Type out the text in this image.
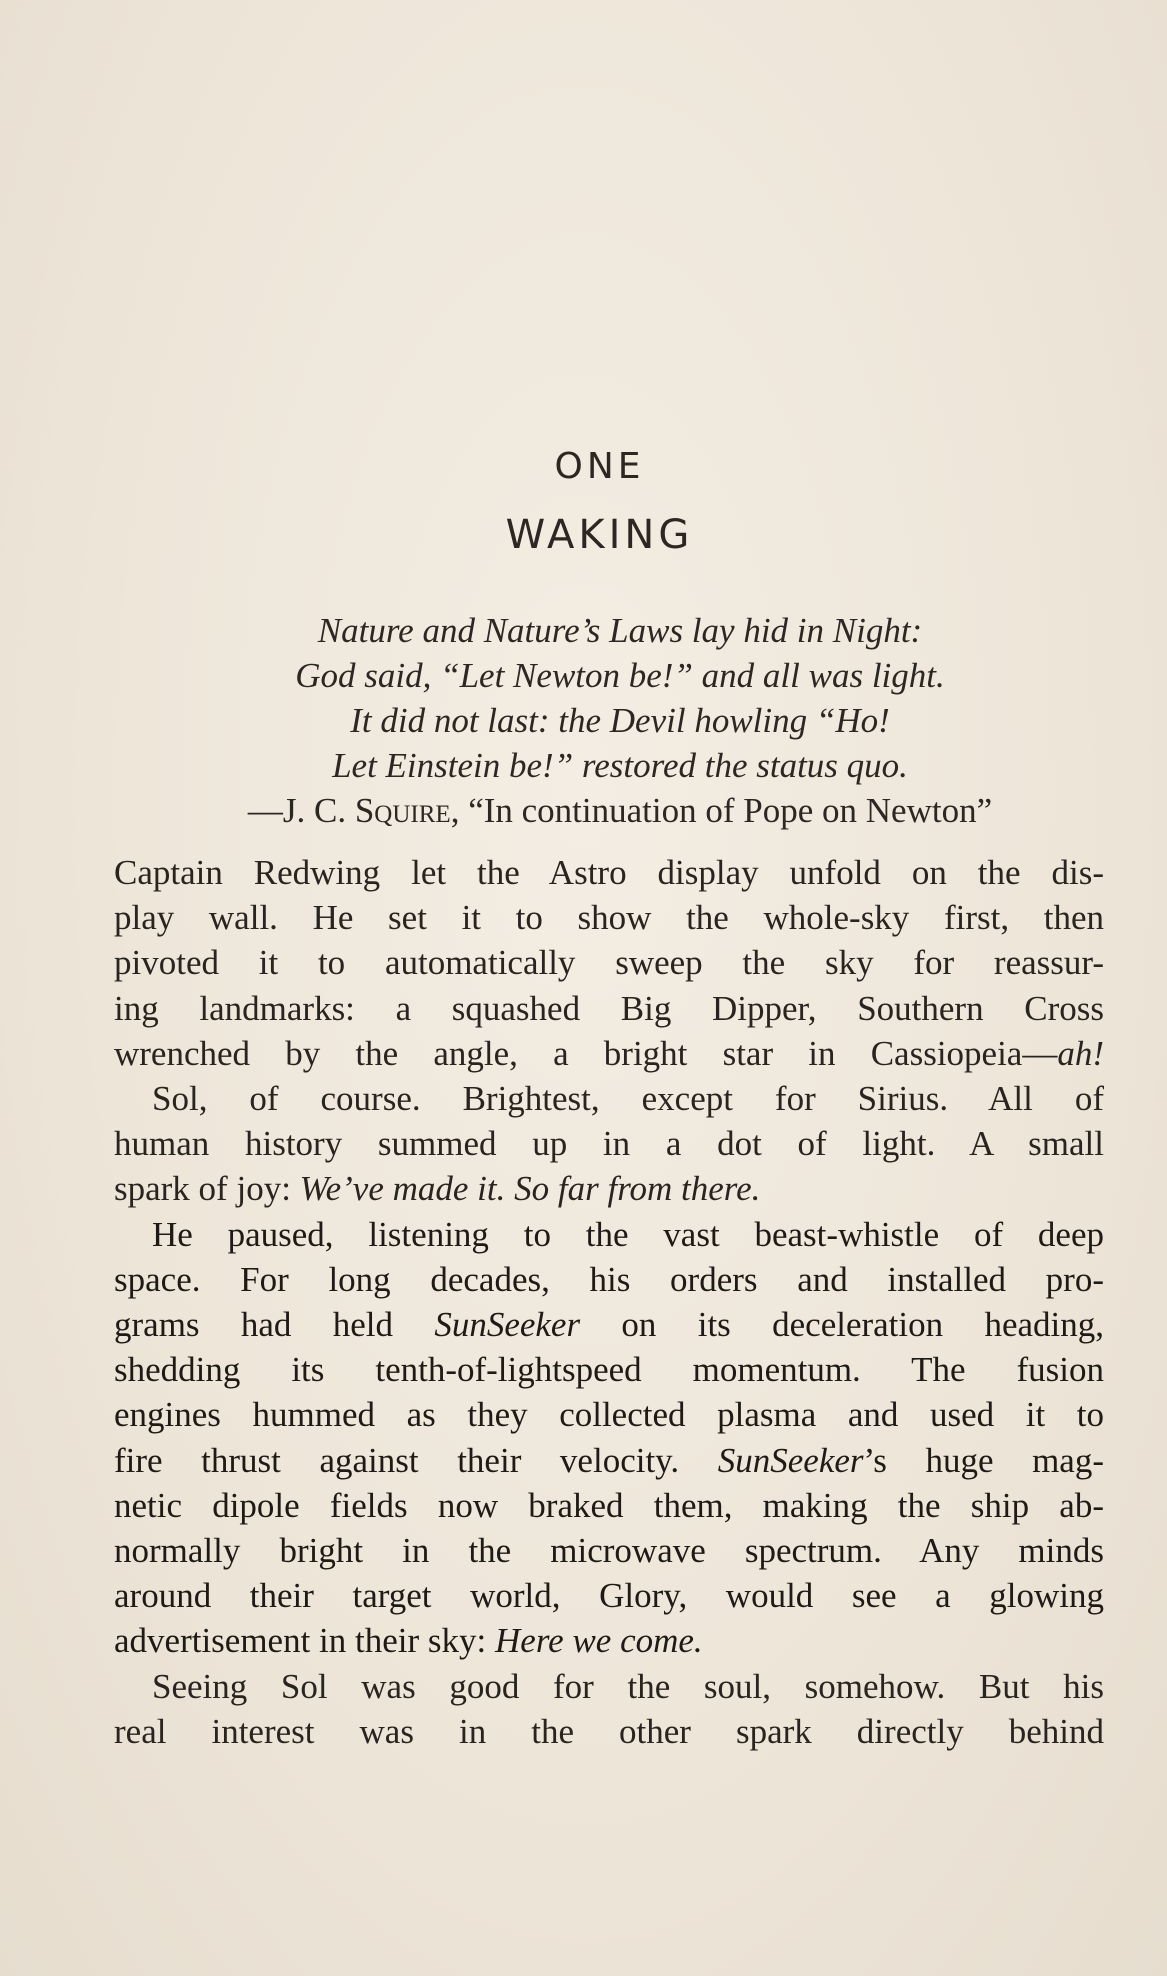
ONE
WAKING
Nature and Nature’s Laws lay hid in Night:
God said, “Let Newton be!” and all was light.
It did not last: the Devil howling “Ho!
Let Einstein be!” restored the status quo.
—J. C. Squire, “In continuation of Pope on Newton”
Captain Redwing let the Astro display unfold on the dis-
play wall. He set it to show the whole-sky first, then
pivoted it to automatically sweep the sky for reassur-
ing landmarks: a squashed Big Dipper, Southern Cross
wrenched by the angle, a bright star in Cassiopeia—ah!
Sol, of course. Brightest, except for Sirius. All of
human history summed up in a dot of light. A small
spark of joy: We’ve made it. So far from there.
He paused, listening to the vast beast-whistle of deep
space. For long decades, his orders and installed pro-
grams had held SunSeeker on its deceleration heading,
shedding its tenth-of-lightspeed momentum. The fusion
engines hummed as they collected plasma and used it to
fire thrust against their velocity. SunSeeker’s huge mag-
netic dipole fields now braked them, making the ship ab-
normally bright in the microwave spectrum. Any minds
around their target world, Glory, would see a glowing
advertisement in their sky: Here we come.
Seeing Sol was good for the soul, somehow. But his
real interest was in the other spark directly behind
